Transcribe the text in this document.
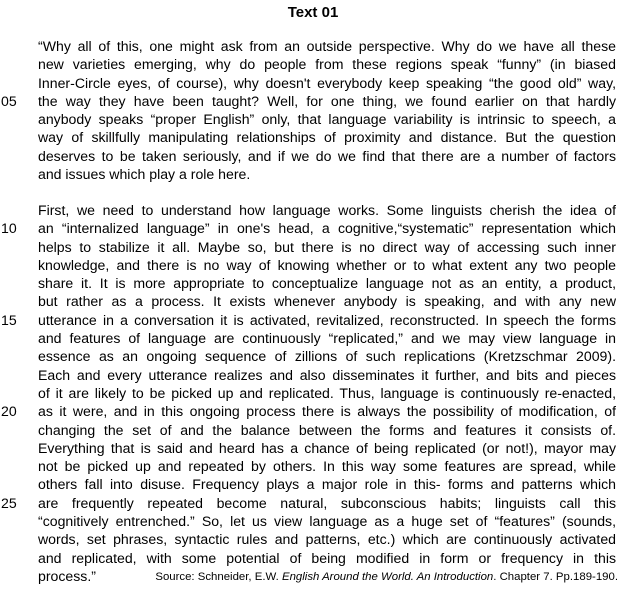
Text 01
“Why all of this, one might ask from an outside perspective. Why do we have all these
new varieties emerging, why do people from these regions speak “funny” (in biased
Inner-Circle eyes, of course), why doesn't everybody keep speaking “the good old” way,
05	the way they have been taught? Well, for one thing, we found earlier on that hardly
anybody speaks “proper English” only, that language variability is intrinsic to speech, a
way of skillfully manipulating relationships of proximity and distance. But the question
deserves to be taken seriously, and if we do we find that there are a number of factors
and issues which play a role here.
First, we need to understand how language works. Some linguists cherish the idea of
10	an “internalized language” in one's head, a cognitive,“systematic” representation which
helps to stabilize it all. Maybe so, but there is no direct way of accessing such inner
knowledge, and there is no way of knowing whether or to what extent any two people
share it. It is more appropriate to conceptualize language not as an entity, a product,
but rather as a process. It exists whenever anybody is speaking, and with any new
15	utterance in a conversation it is activated, revitalized, reconstructed. In speech the forms
and features of language are continuously “replicated,” and we may view language in
essence as an ongoing sequence of zillions of such replications (Kretzschmar 2009).
Each and every utterance realizes and also disseminates it further, and bits and pieces
of it are likely to be picked up and replicated. Thus, language is continuously re-enacted,
20	as it were, and in this ongoing process there is always the possibility of modification, of
changing the set of and the balance between the forms and features it consists of.
Everything that is said and heard has a chance of being replicated (or not!), mayor may
not be picked up and repeated by others. In this way some features are spread, while
others fall into disuse. Frequency plays a major role in this- forms and patterns which
25	are frequently repeated become natural, subconscious habits; linguists call this
“cognitively entrenched.” So, let us view language as a huge set of “features” (sounds,
words, set phrases, syntactic rules and patterns, etc.) which are continuously activated
and replicated, with some potential of being modified in form or frequency in this
process.”	Source: Schneider, E.W. English Around the World. An Introduction. Chapter 7. Pp.189-190.
